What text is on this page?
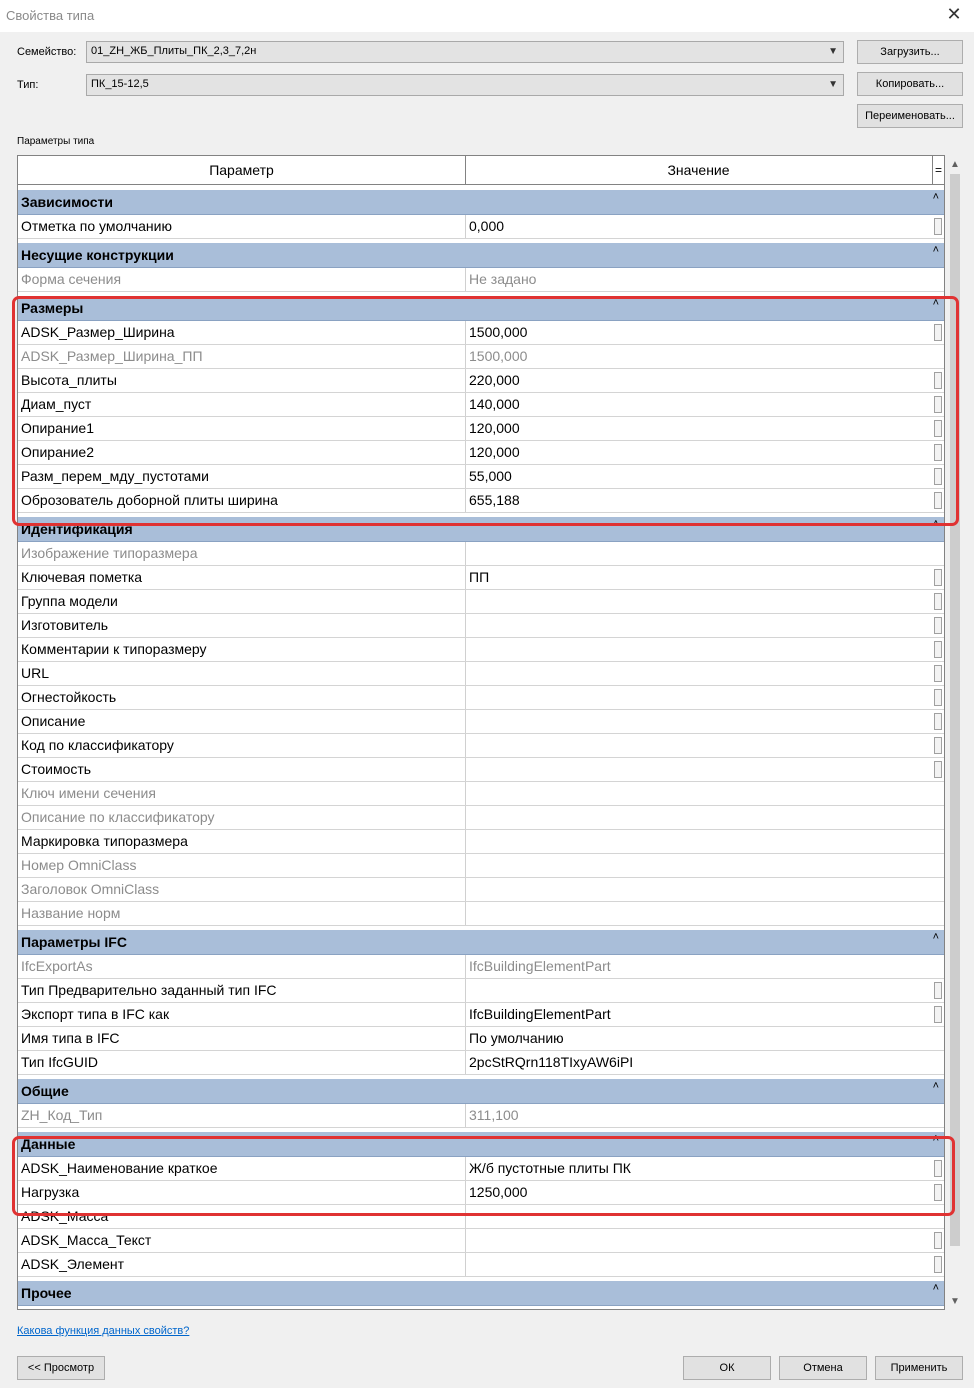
Свойства типа	✕
Семейство:	01_ZH_ЖБ_Плиты_ПК_2,3_7,2н	▼	Загрузить...
Тип:	ПК_15-12,5	▼	Копировать...
Переименовать...
Параметры типа
Параметр	Значение	=
Зависимости	˄
Отметка по умолчанию	0,000
Несущие конструкции	˄
Форма сечения	Не задано
Размеры	˄
ADSK_Размер_Ширина	1500,000
ADSK_Размер_Ширина_ПП	1500,000
Высота_плиты	220,000
Диам_пуст	140,000
Опирание1	120,000
Опирание2	120,000
Разм_перем_мду_пустотами	55,000
Оброзователь доборной плиты ширина	655,188
Идентификация	˄
Изображение типоразмера
Ключевая пометка	ПП
Группа модели
Изготовитель
Комментарии к типоразмеру
URL
Огнестойкость
Описание
Код по классификатору
Стоимость
Ключ имени сечения
Описание по классификатору
Маркировка типоразмера
Номер OmniClass
Заголовок OmniClass
Название норм
Параметры IFC	˄
IfcExportAs	IfcBuildingElementPart
Тип Предварительно заданный тип IFC
Экспорт типа в IFC как	IfcBuildingElementPart
Имя типа в IFC	По умолчанию
Тип IfcGUID	2pcStRQrn118TIxyAW6iPI
Общие	˄
ZH_Код_Тип	311,100
Данные	˄
ADSK_Наименование краткое	Ж/б пустотные плиты ПК
Нагрузка	1250,000
ADSK_Масса
ADSK_Масса_Текст
ADSK_Элемент
Прочее	˄
▲
▼
Какова функция данных свойств?
<< Просмотр	ОК	Отмена	Применить
